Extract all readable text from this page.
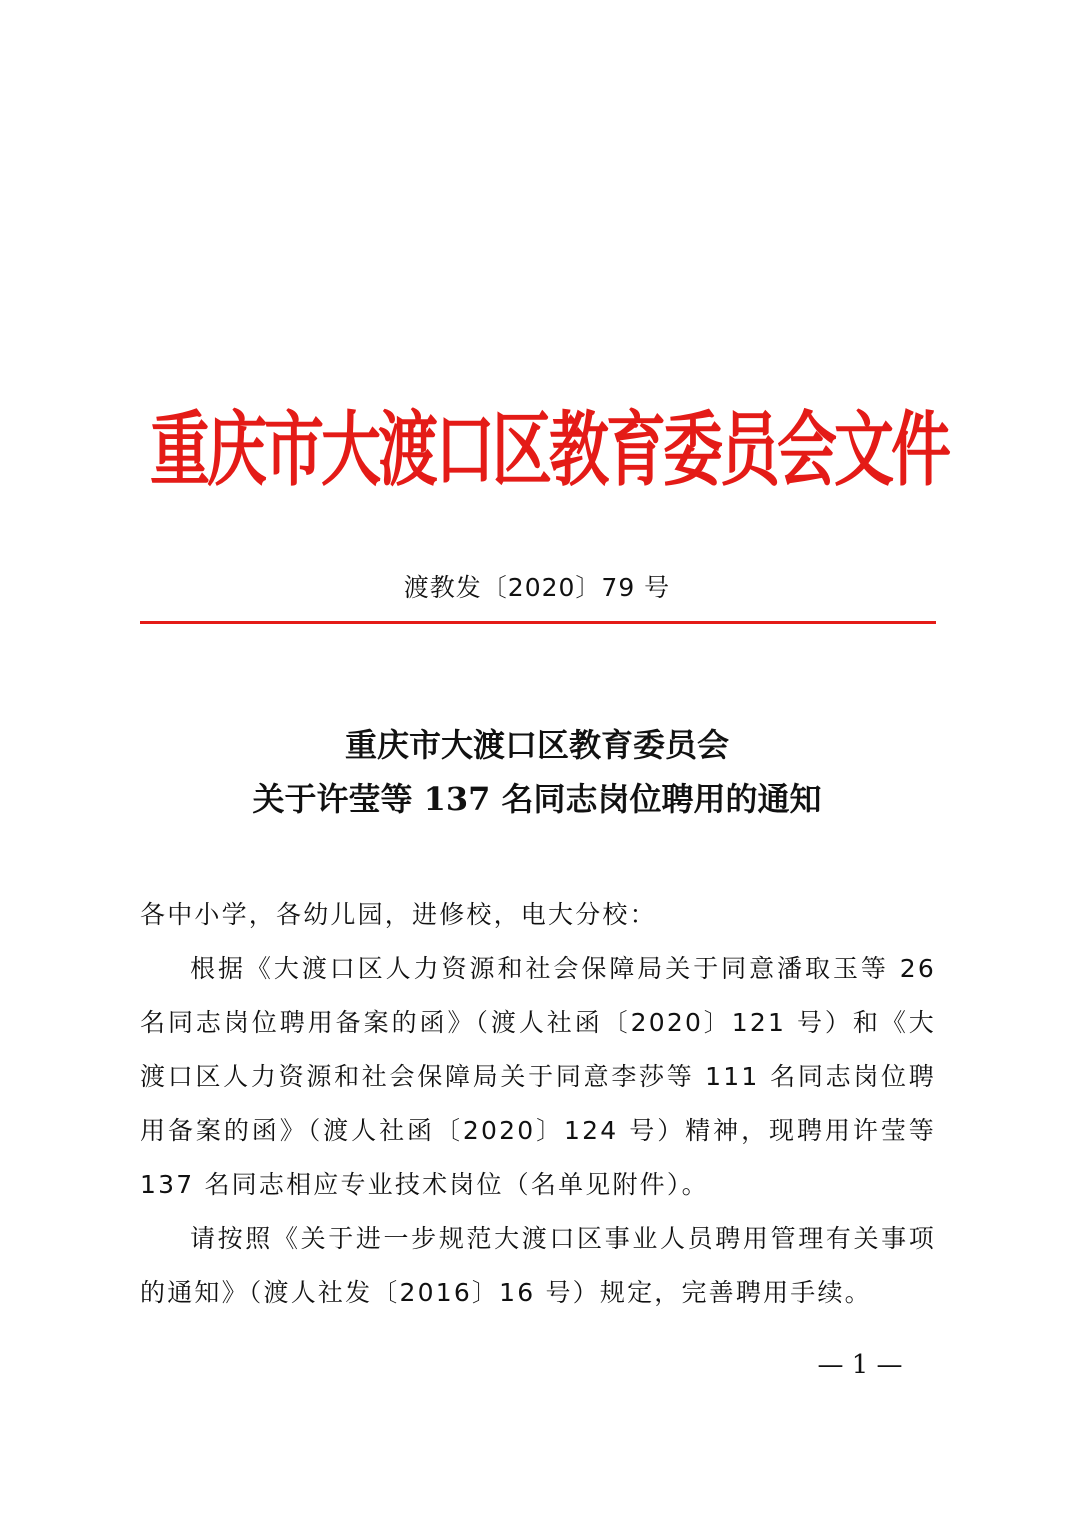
重庆市大渡口区教育委员会文件
渡教发〔2020〕79 号
重庆市大渡口区教育委员会
关于许莹等 137 名同志岗位聘用的通知

各中小学，各幼儿园，进修校，电大分校：

根据《大渡口区人力资源和社会保障局关于同意潘取玉等 26 名同志岗位聘用备案的函》（渡人社函〔2020〕121 号）和《大渡口区人力资源和社会保障局关于同意李莎等 111 名同志岗位聘用备案的函》（渡人社函〔2020〕124 号）精神，现聘用许莹等 137 名同志相应专业技术岗位（名单见附件）。

请按照《关于进一步规范大渡口区事业人员聘用管理有关事项的通知》（渡人社发〔2016〕16 号）规定，完善聘用手续。

— 1 —
